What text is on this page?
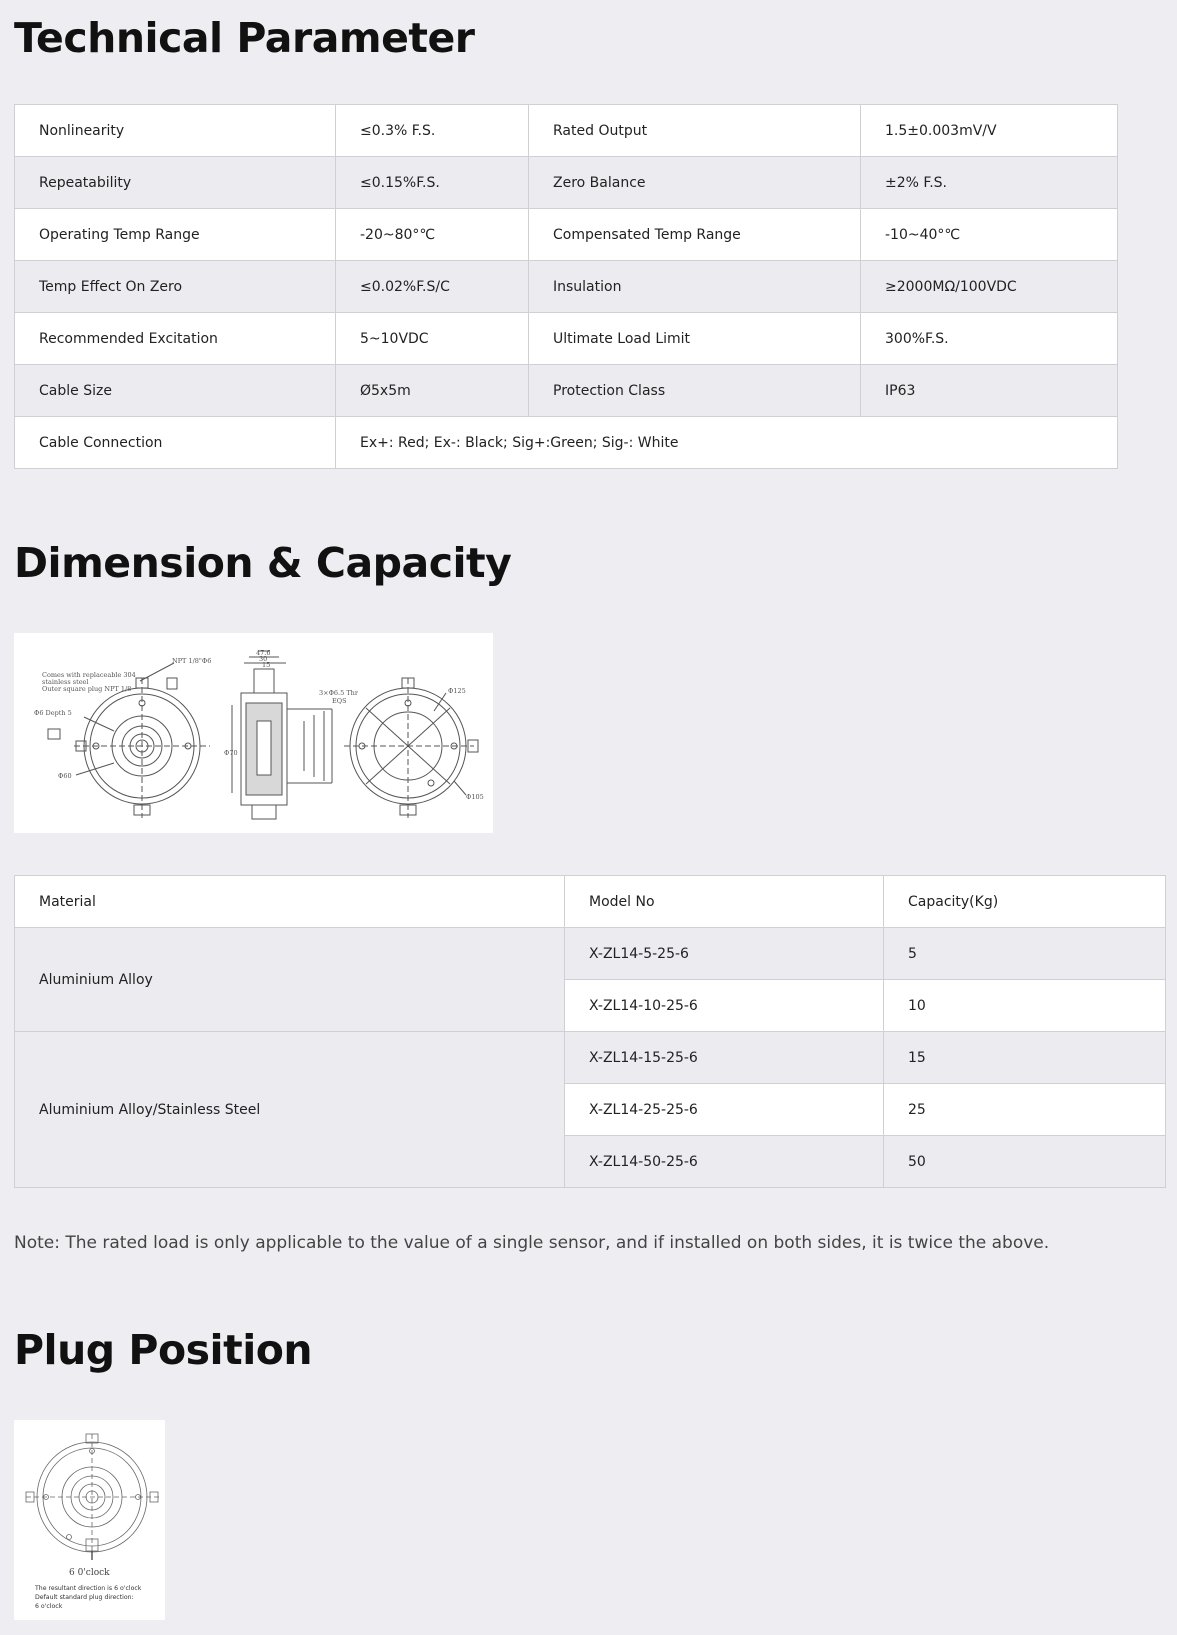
Technical Parameter
Nonlinearity	≤0.3% F.S.	Rated Output	1.5±0.003mV/V
Repeatability	≤0.15%F.S.	Zero Balance	±2% F.S.
Operating Temp Range	-20~80°℃	Compensated Temp Range	-10~40°℃
Temp Effect On Zero	≤0.02%F.S/C	Insulation	≥2000MΩ/100VDC
Recommended Excitation	5~10VDC	Ultimate Load Limit	300%F.S.
Cable Size	Ø5x5m	Protection Class	IP63
Cable Connection	Ex+: Red; Ex-: Black; Sig+:Green; Sig-: White		
Dimension & Capacity
Comes with replaceable 304
stainless steel
Outer square plug NPT 1/8
NPT 1/8"Φ6
Φ6 Depth 5
Φ60
47.6
30
15
3×Φ6.5 Thr
EQS
Φ125
Φ105
Φ70
Material	Model No	Capacity(Kg)
Aluminium Alloy	X-ZL14-5-25-6	5
	X-ZL14-10-25-6	10
Aluminium Alloy/Stainless Steel	X-ZL14-15-25-6	15
	X-ZL14-25-25-6	25
	X-ZL14-50-25-6	50
Note: The rated load is only applicable to the value of a single sensor, and if installed on both sides, it is twice the above.
Plug Position
6 0'clock
The resultant direction is 6 o'clock
Default standard plug direction:
6 o'clock
